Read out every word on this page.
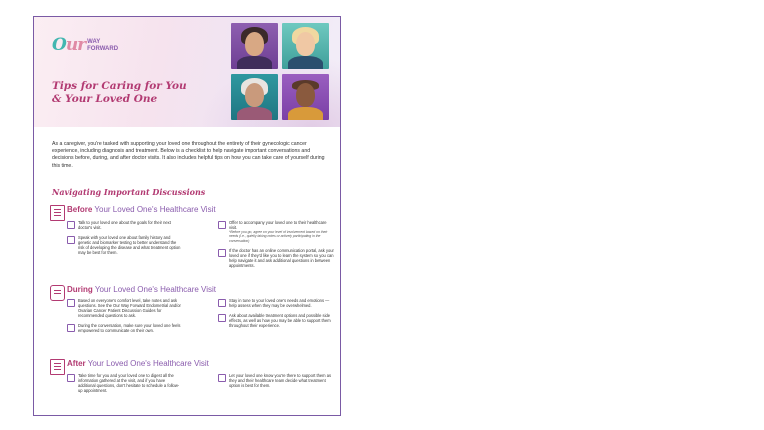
Our WAY
FORWARD
Tips for Caring for You
& Your Loved One
As a caregiver, you're tasked with supporting your loved one throughout the entirety of their gynecologic cancer experience, including diagnosis and treatment. Below is a checklist to help navigate important conversations and decisions before, during, and after doctor visits. It also includes helpful tips on how you can take care of yourself during this time.
Navigating Important Discussions
Before Your Loved One's Healthcare Visit
Talk to your loved one about the goals for their next doctor's visit.
Speak with your loved one about family history and genetic and biomarker testing to better understand the risk of developing the disease and what treatment option may be best for them.
Offer to accompany your loved one to their healthcare visit.
*Before you go, agree on your level of involvement based on their needs (i.e., quietly taking notes or actively participating in the conversation)
If the doctor has an online communication portal, ask your loved one if they'd like you to learn the system so you can help navigate it and ask additional questions in between appointments.
During Your Loved One's Healthcare Visit
Based on everyone's comfort level, take notes and ask questions. See the Our Way Forward Endometrial and/or Ovarian Cancer Patient Discussion Guides for recommended questions to ask.
During the conversation, make sure your loved one feels empowered to communicate on their own.
Stay in tune to your loved one's needs and emotions — help assess when they may be overwhelmed.
Ask about available treatment options and possible side effects, as well as how you may be able to support them throughout their experience.
After Your Loved One's Healthcare Visit
Take time for you and your loved one to digest all the information gathered at the visit, and if you have additional questions, don't hesitate to schedule a follow-up appointment.
Let your loved one know you're there to support them as they and their healthcare team decide what treatment option is best for them.
